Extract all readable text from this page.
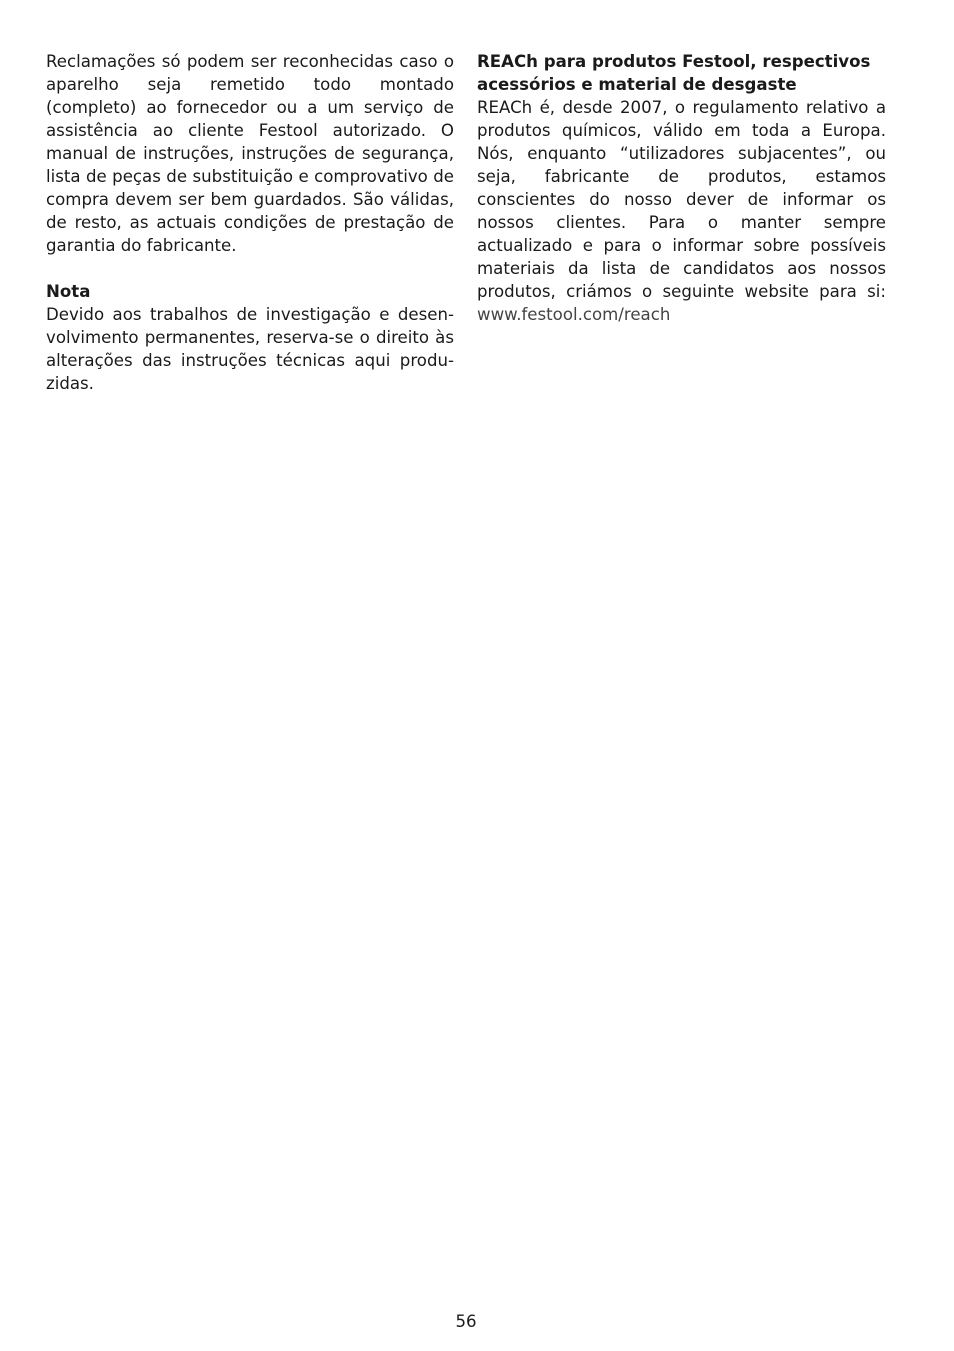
Reclamações só podem ser reconhecidas caso o aparelho seja remetido todo montado (completo) ao fornecedor ou a um serviço de assistência ao cliente Festool autorizado. O manual de instruções, instruções de segurança, lista de peças de substituição e comprovativo de compra devem ser bem guardados. São válidas, de resto, as actuais condições de prestação de garantia do fabricante.

Nota

Devido aos trabalhos de investigação e desenvolvimento permanentes, reserva-se o direito às alterações das instruções técnicas aqui produzidas.

REACh para produtos Festool, respectivos acessórios e material de desgaste

REACh é, desde 2007, o regulamento relativo a produtos químicos, válido em toda a Europa. Nós, enquanto “utilizadores subjacentes”, ou seja, fabricante de produtos, estamos conscientes do nosso dever de informar os nossos clientes. Para o manter sempre actualizado e para o informar sobre possíveis materiais da lista de candidatos aos nossos produtos, criámos o seguinte website para si: www.festool.com/reach

56
